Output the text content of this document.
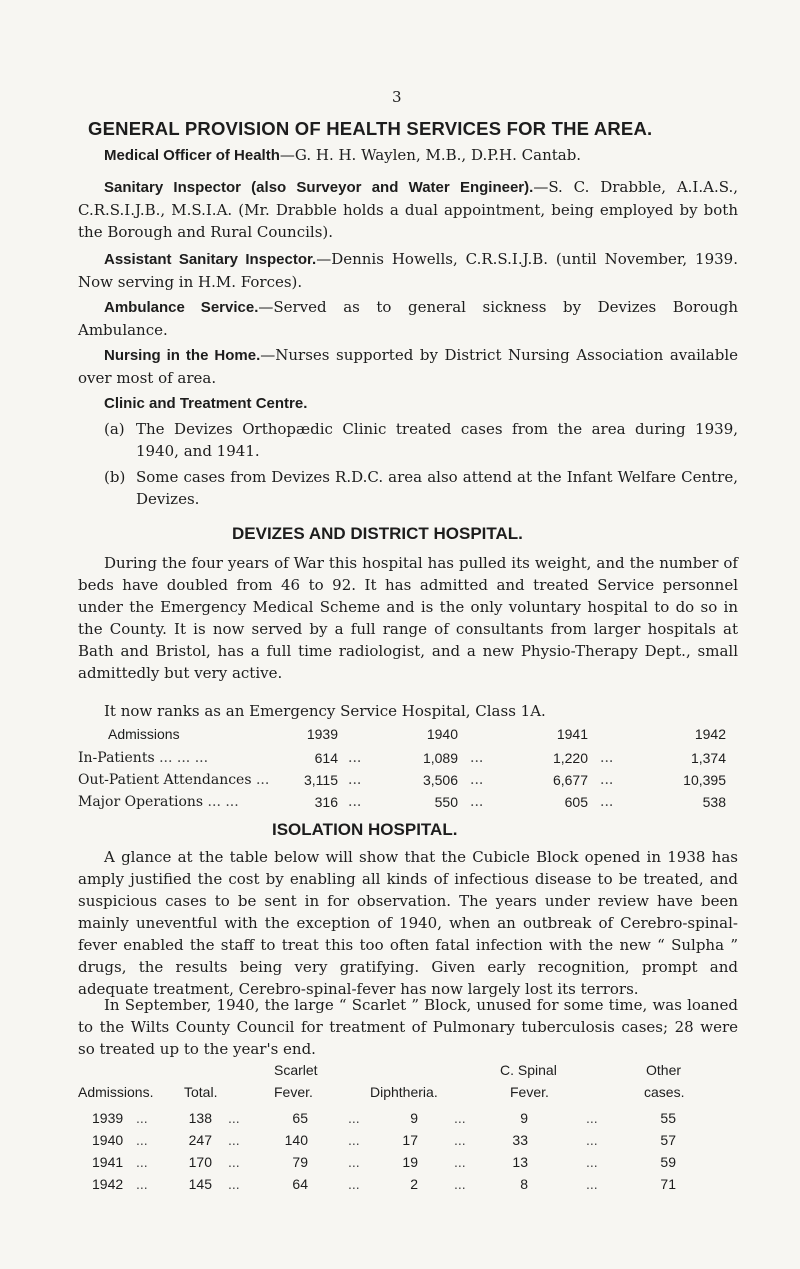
3
GENERAL PROVISION OF HEALTH SERVICES FOR THE AREA.
Medical Officer of Health—G. H. H. Waylen, M.B., D.P.H. Cantab.
Sanitary Inspector (also Surveyor and Water Engineer).—S. C. Drabble, A.I.A.S., C.R.S.I.J.B., M.S.I.A. (Mr. Drabble holds a dual appointment, being employed by both the Borough and Rural Councils).
Assistant Sanitary Inspector.—Dennis Howells, C.R.S.I.J.B. (until November, 1939. Now serving in H.M. Forces).
Ambulance Service.—Served as to general sickness by Devizes Borough Ambulance.
Nursing in the Home.—Nurses supported by District Nursing Association available over most of area.
Clinic and Treatment Centre.
(a) The Devizes Orthopædic Clinic treated cases from the area during 1939, 1940, and 1941.
(b) Some cases from Devizes R.D.C. area also attend at the Infant Welfare Centre, Devizes.
DEVIZES AND DISTRICT HOSPITAL.
During the four years of War this hospital has pulled its weight, and the number of beds have doubled from 46 to 92. It has admitted and treated Service personnel under the Emergency Medical Scheme and is the only voluntary hospital to do so in the County. It is now served by a full range of consultants from larger hospitals at Bath and Bristol, has a full time radiologist, and a new Physio-Therapy Dept., small admittedly but very active.
It now ranks as an Emergency Service Hospital, Class 1A.
Admissions	1939	1940	1941	1942
In-Patients ... ... ...	614 ...	1,089 ...	1,220 ...	1,374
Out-Patient Attendances ...	3,115 ...	3,506 ...	6,677 ...	10,395
Major Operations ... ...	316 ...	550 ...	605 ...	538
ISOLATION HOSPITAL.
A glance at the table below will show that the Cubicle Block opened in 1938 has amply justified the cost by enabling all kinds of infectious disease to be treated, and suspicious cases to be sent in for observation. The years under review have been mainly uneventful with the exception of 1940, when an outbreak of Cerebro-spinal-fever enabled the staff to treat this too often fatal infection with the new “ Sulpha ” drugs, the results being very gratifying. Given early recognition, prompt and adequate treatment, Cerebro-spinal-fever has now largely lost its terrors.
In September, 1940, the large “ Scarlet ” Block, unused for some time, was loaned to the Wilts County Council for treatment of Pulmonary tuberculosis cases; 28 were so treated up to the year's end.
Scarlet	C. Spinal	Other
Admissions. Total.	Fever.	Diphtheria.	Fever.	cases.
1939 ...	138 ...	65	...	9	...	9	...	55
1940 ...	247 ...	140	...	17	...	33	...	57
1941 ...	170 ...	79	...	19	...	13	...	59
1942 ...	145 ...	64	...	2	...	8	...	71
